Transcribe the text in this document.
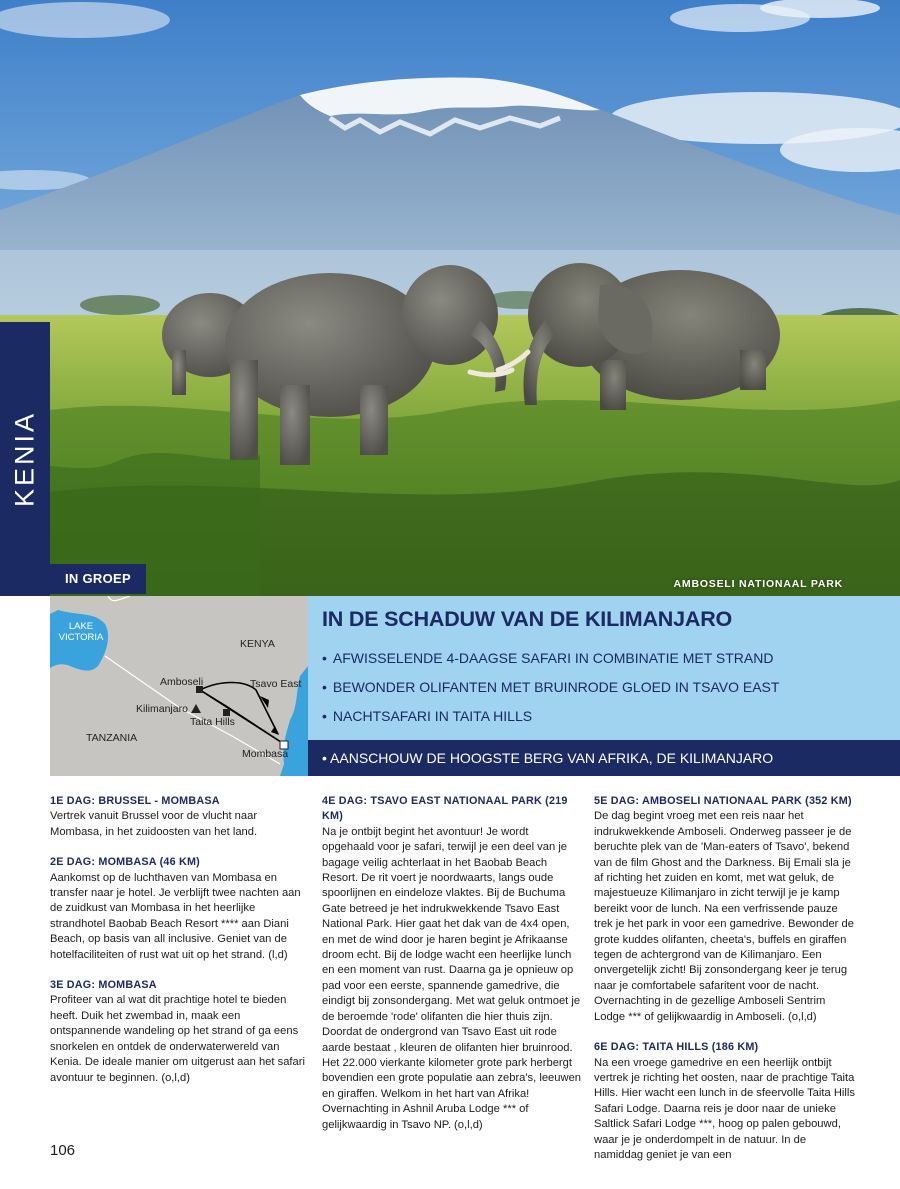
KENIA
IN GROEP	AMBOSELI NATIONAAL PARK
LAKE VICTORIA
KENYA
TANZANIA
Amboseli	Tsavo East
Kilimanjaro
Taita Hills
Mombasa
IN DE SCHADUW VAN DE KILIMANJARO
• AFWISSELENDE 4-DAAGSE SAFARI IN COMBINATIE MET STRAND
• BEWONDER OLIFANTEN MET BRUINRODE GLOED IN TSAVO EAST
• NACHTSAFARI IN TAITA HILLS
• AANSCHOUW DE HOOGSTE BERG VAN AFRIKA, DE KILIMANJARO
1E DAG: BRUSSEL - MOMBASA

Vertrek vanuit Brussel voor de vlucht naar Mombasa, in het zuidoosten van het land.

2E DAG: MOMBASA (46 KM)

Aankomst op de luchthaven van Mombasa en transfer naar je hotel. Je verblijft twee nachten aan de zuidkust van Mombasa in het heerlijke strandhotel Baobab Beach Resort **** aan Diani Beach, op basis van all inclusive. Geniet van de hotelfaciliteiten of rust wat uit op het strand. (l,d)

3E DAG: MOMBASA

Profiteer van al wat dit prachtige hotel te bieden heeft. Duik het zwembad in, maak een ontspannende wandeling op het strand of ga eens snorkelen en ontdek de onderwaterwereld van Kenia. De ideale manier om uitgerust aan het safari avontuur te beginnen. (o,l,d)

4E DAG: TSAVO EAST NATIONAAL PARK (219 KM)

Na je ontbijt begint het avontuur! Je wordt opgehaald voor je safari, terwijl je een deel van je bagage veilig achterlaat in het Baobab Beach Resort. De rit voert je noordwaarts, langs oude spoorlijnen en eindeloze vlaktes. Bij de Buchuma Gate betreed je het indrukwekkende Tsavo East National Park. Hier gaat het dak van de 4x4 open, en met de wind door je haren begint je Afrikaanse droom echt. Bij de lodge wacht een heerlijke lunch en een moment van rust. Daarna ga je opnieuw op pad voor een eerste, spannende gamedrive, die eindigt bij zonsondergang. Met wat geluk ontmoet je de beroemde 'rode' olifanten die hier thuis zijn. Doordat de ondergrond van Tsavo East uit rode aarde bestaat , kleuren de olifanten hier bruinrood. Het 22.000 vierkante kilometer grote park herbergt bovendien een grote populatie aan zebra's, leeuwen en giraffen. Welkom in het hart van Afrika! Overnachting in Ashnil Aruba Lodge *** of gelijkwaardig in Tsavo NP. (o,l,d)

5E DAG: AMBOSELI NATIONAAL PARK (352 KM)

De dag begint vroeg met een reis naar het indrukwekkende Amboseli. Onderweg passeer je de beruchte plek van de 'Man-eaters of Tsavo', bekend van de film Ghost and the Darkness. Bij Emali sla je af richting het zuiden en komt, met wat geluk, de majestueuze Kilimanjaro in zicht terwijl je je kamp bereikt voor de lunch. Na een verfrissende pauze trek je het park in voor een gamedrive. Bewonder de grote kuddes olifanten, cheeta's, buffels en giraffen tegen de achtergrond van de Kilimanjaro. Een onvergetelijk zicht! Bij zonsondergang keer je terug naar je comfortabele safaritent voor de nacht. Overnachting in de gezellige Amboseli Sentrim Lodge *** of gelijkwaardig in Amboseli. (o,l,d)

6E DAG: TAITA HILLS (186 KM)

Na een vroege gamedrive en een heerlijk ontbijt vertrek je richting het oosten, naar de prachtige Taita Hills. Hier wacht een lunch in de sfeervolle Taita Hills Safari Lodge. Daarna reis je door naar de unieke Saltlick Safari Lodge ***, hoog op palen gebouwd, waar je je onderdompelt in de natuur. In de namiddag geniet je van een

106
